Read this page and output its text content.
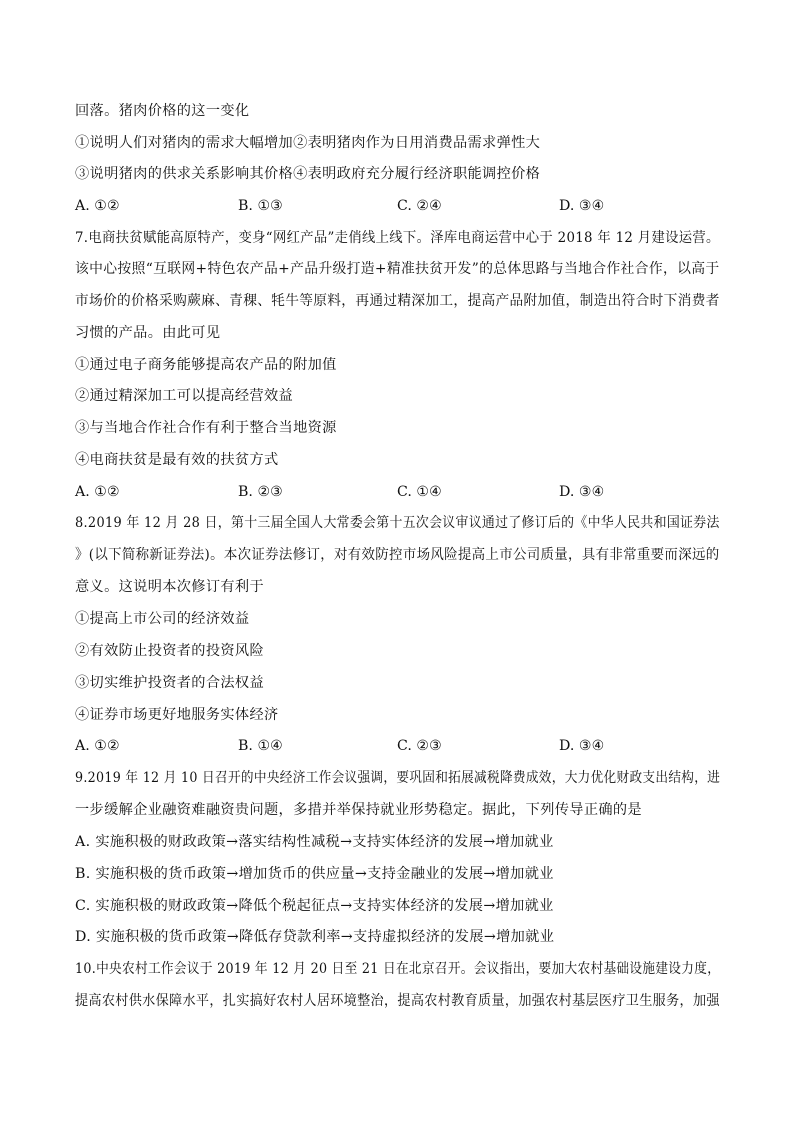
回落。猪肉价格的这一变化
①说明人们对猪肉的需求大幅增加②表明猪肉作为日用消费品需求弹性大
③说明猪肉的供求关系影响其价格④表明政府充分履行经济职能调控价格
A. ①②	B. ①③	C. ②④	D. ③④
7.电商扶贫赋能高原特产，变身“网红产品”走俏线上线下。泽库电商运营中心于 2018 年 12 月建设运营。
该中心按照“互联网+特色农产品+产品升级打造+精准扶贫开发”的总体思路与当地合作社合作，以高于
市场价的价格采购蕨麻、青稞、牦牛等原料，再通过精深加工，提高产品附加值，制造出符合时下消费者
习惯的产品。由此可见
①通过电子商务能够提高农产品的附加值
②通过精深加工可以提高经营效益
③与当地合作社合作有利于整合当地资源
④电商扶贫是最有效的扶贫方式
A. ①②	B. ②③	C. ①④	D. ③④
8.2019 年 12 月 28 日，第十三届全国人大常委会第十五次会议审议通过了修订后的《中华人民共和国证券法
》(以下简称新证券法)。本次证券法修订，对有效防控市场风险提高上市公司质量，具有非常重要而深远的
意义。这说明本次修订有利于
①提高上市公司的经济效益
②有效防止投资者的投资风险
③切实维护投资者的合法权益
④证券市场更好地服务实体经济
A. ①②	B. ①④	C. ②③	D. ③④
9.2019 年 12 月 10 日召开的中央经济工作会议强调，要巩固和拓展减税降费成效，大力优化财政支出结构，进
一步缓解企业融资难融资贵问题，多措并举保持就业形势稳定。据此，下列传导正确的是
A. 实施积极的财政政策→落实结构性减税→支持实体经济的发展→增加就业
B. 实施积极的货币政策→增加货币的供应量→支持金融业的发展→增加就业
C. 实施积极的财政政策→降低个税起征点→支持实体经济的发展→增加就业
D. 实施积极的货币政策→降低存贷款利率→支持虚拟经济的发展→增加就业
10.中央农村工作会议于 2019 年 12 月 20 日至 21 日在北京召开。会议指出，要加大农村基础设施建设力度，
提高农村供水保障水平，扎实搞好农村人居环境整治，提高农村教育质量，加强农村基层医疗卫生服务，加强
